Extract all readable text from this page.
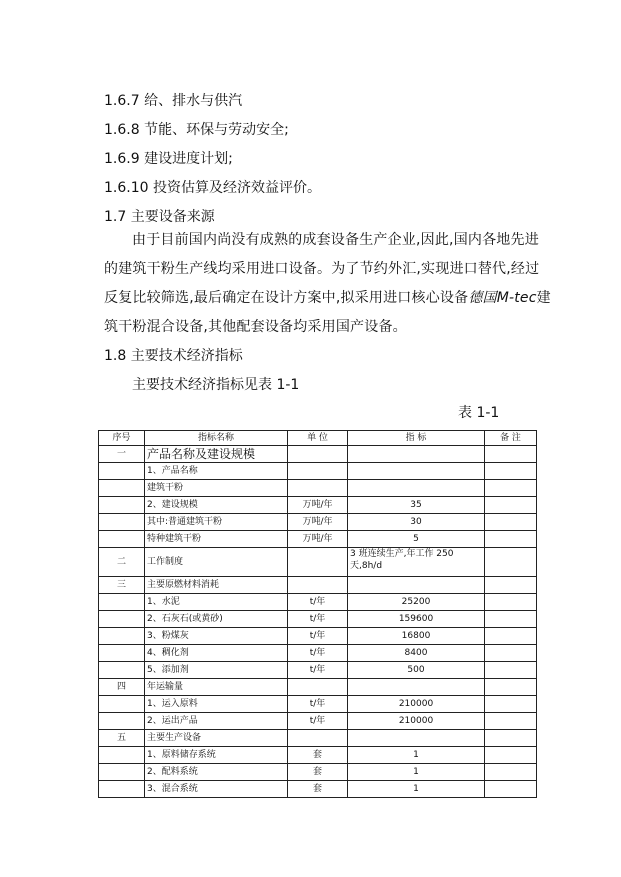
1.6.7 给、排水与供汽
1.6.8 节能、环保与劳动安全;
1.6.9 建设进度计划;
1.6.10 投资估算及经济效益评价。
1.7 主要设备来源
由于目前国内尚没有成熟的成套设备生产企业,因此,国内各地先进的建筑干粉生产线均采用进口设备。为了节约外汇,实现进口替代,经过反复比较筛选,最后确定在设计方案中,拟采用进口核心设备德国M-tec建筑干粉混合设备,其他配套设备均采用国产设备。
1.8 主要技术经济指标
主要技术经济指标见表 1-1
表 1-1
序号	指标名称	单 位	指 标	备 注
一	产品名称及建设规模			
	1、产品名称			
	建筑干粉			
	2、建设规模	万吨/年	35	
	其中:普通建筑干粉	万吨/年	30	
	特种建筑干粉	万吨/年	5	
二	工作制度		3 班连续生产,年工作 250 天,8h/d	
三	主要原燃材料消耗			
	1、水泥	t/年	25200	
	2、石灰石(或黄砂)	t/年	159600	
	3、粉煤灰	t/年	16800	
	4、稠化剂	t/年	8400	
	5、添加剂	t/年	500	
四	年运输量			
	1、运入原料	t/年	210000	
	2、运出产品	t/年	210000	
五	主要生产设备			
	1、原料储存系统	套	1	
	2、配料系统	套	1	
	3、混合系统	套	1	
